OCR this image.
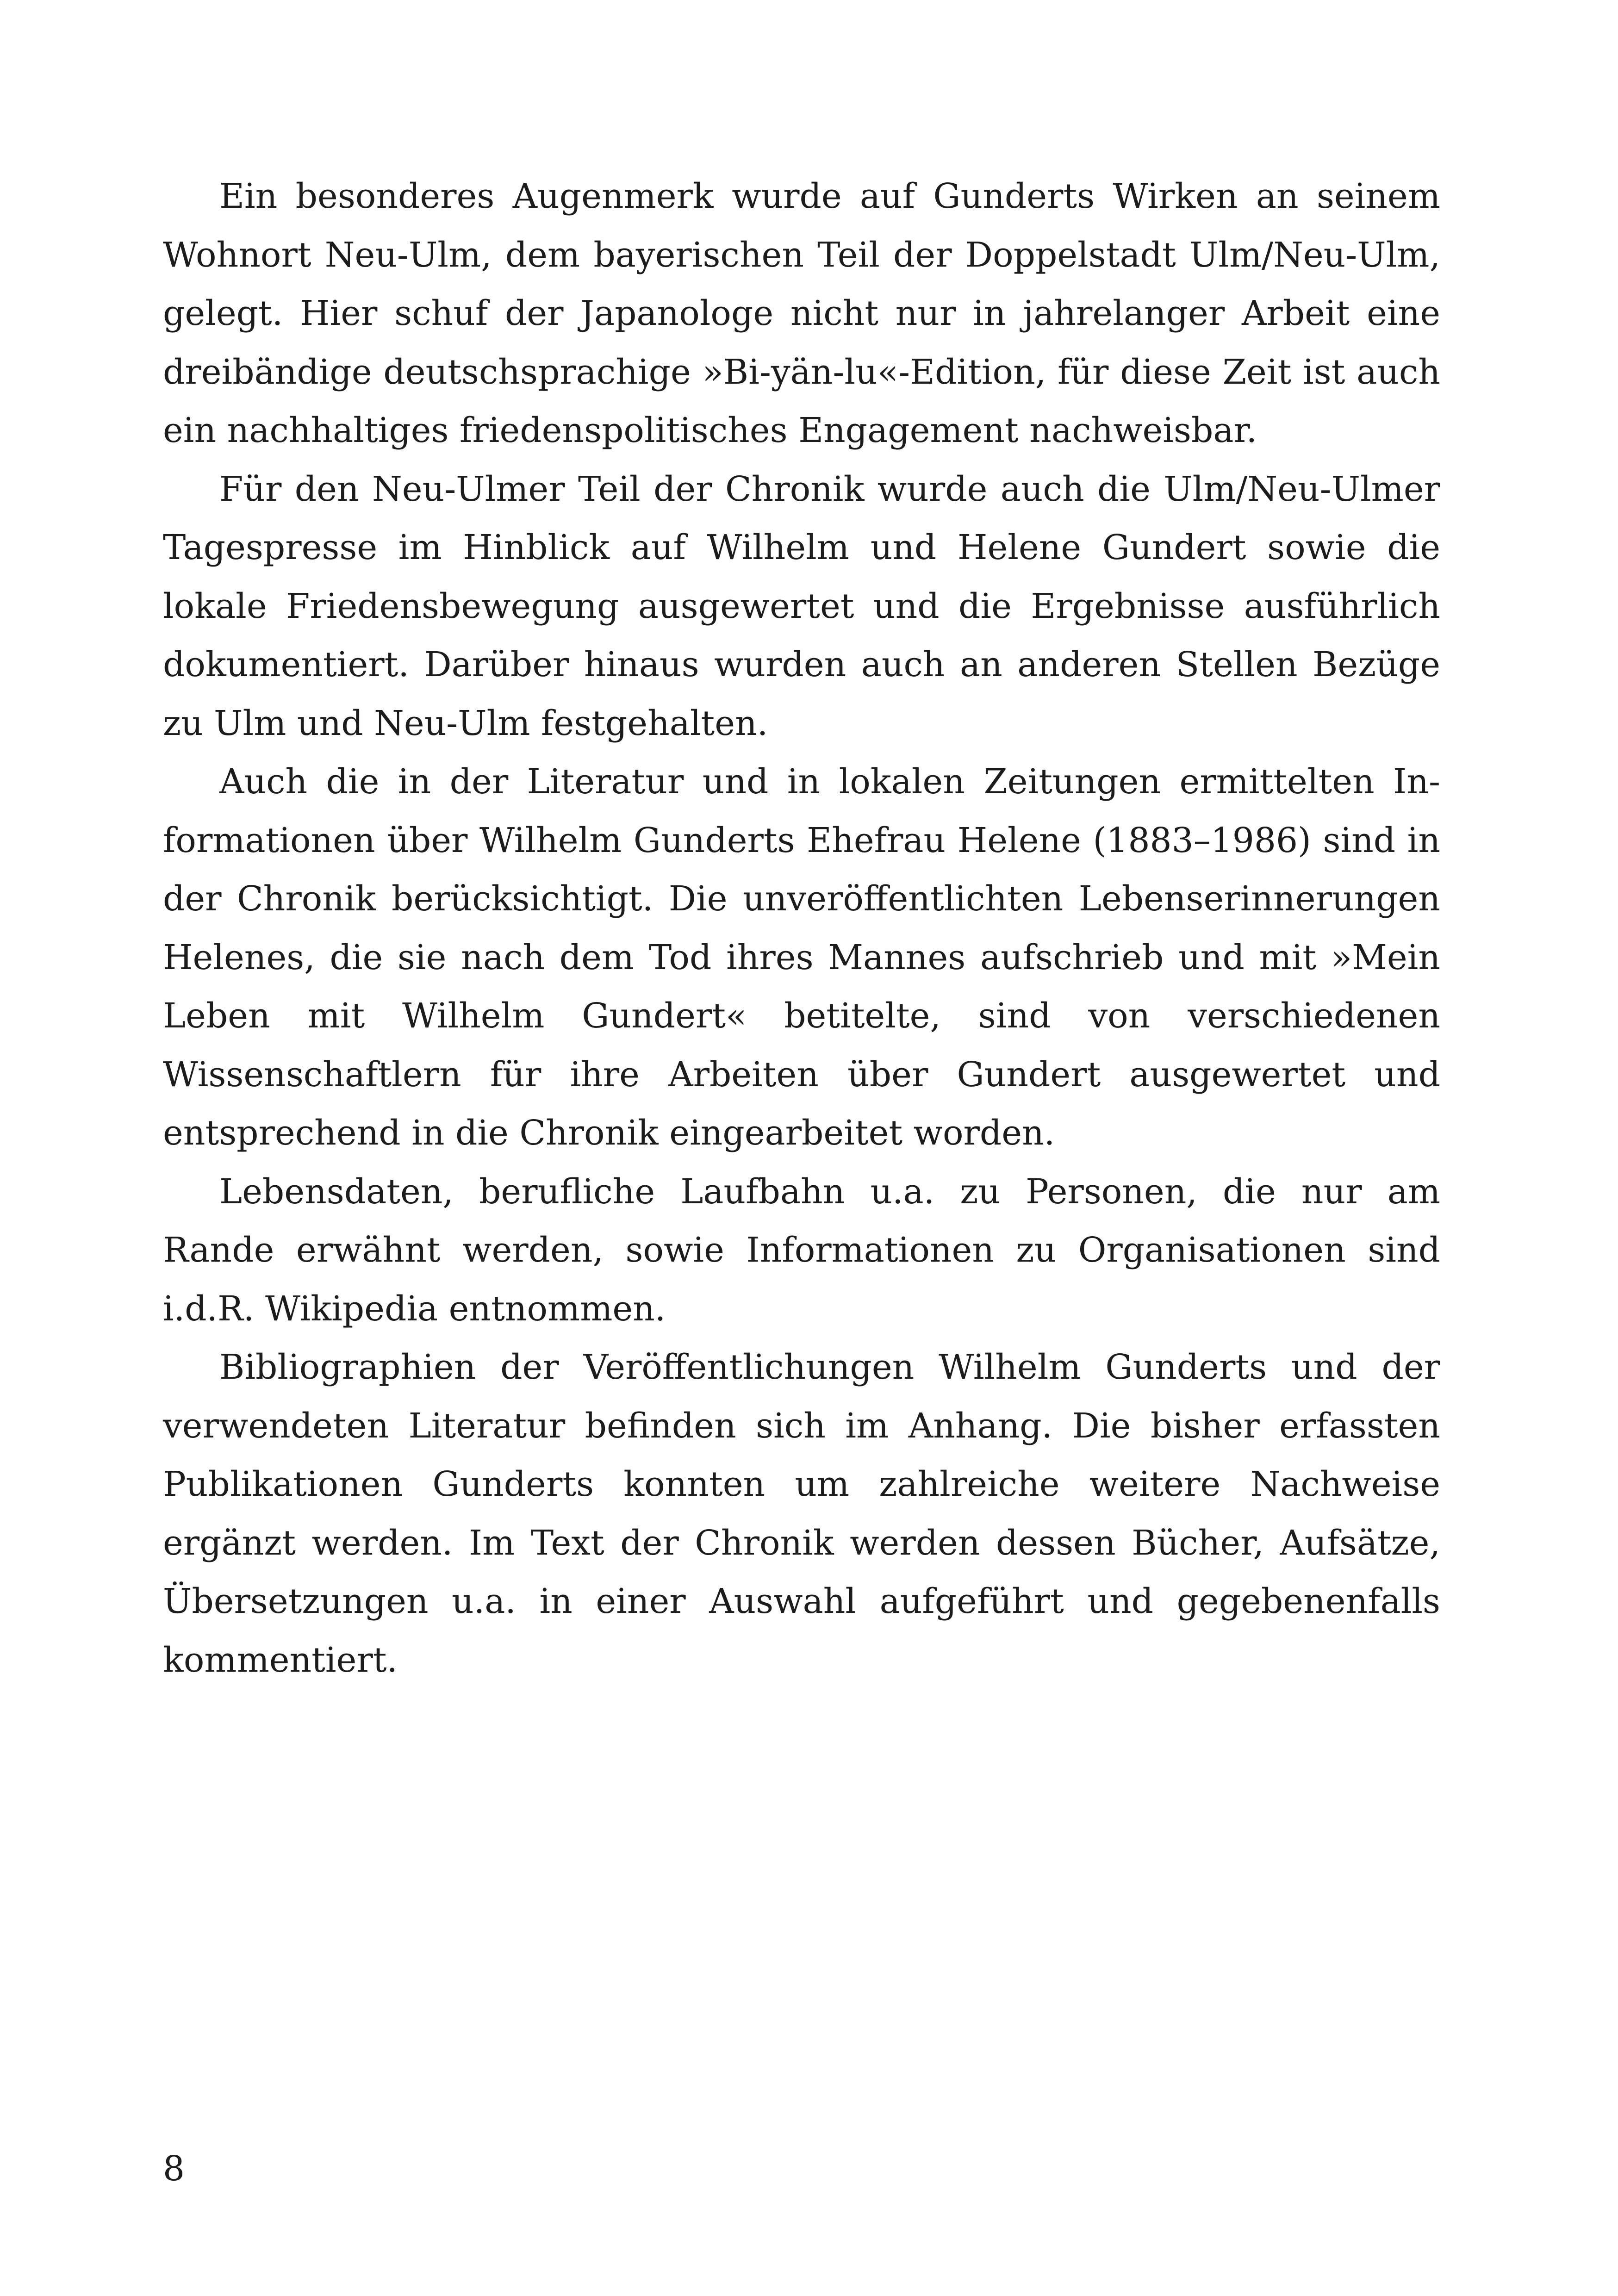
Ein besonderes Augenmerk wurde auf Gunderts Wirken an seinem Wohnort Neu-Ulm, dem bayerischen Teil der Doppelstadt Ulm/Neu-Ulm, gelegt. Hier schuf der Japanologe nicht nur in jahrelanger Arbeit eine dreibändige deutschsprachige »Bi-yän-lu«-Edition, für diese Zeit ist auch ein nachhaltiges friedenspolitisches Engagement nachweisbar.

Für den Neu-Ulmer Teil der Chronik wurde auch die Ulm/Neu-Ulmer Tagespresse im Hinblick auf Wilhelm und Helene Gundert sowie die lokale Friedensbewegung ausgewertet und die Ergebnisse ausführlich dokumentiert. Darüber hinaus wurden auch an anderen Stellen Bezüge zu Ulm und Neu-Ulm festgehalten.

Auch die in der Literatur und in lokalen Zeitungen ermittelten Informationen über Wilhelm Gunderts Ehefrau Helene (1883–1986) sind in der Chronik berücksichtigt. Die unveröffentlichten Lebenserinnerungen Helenes, die sie nach dem Tod ihres Mannes aufschrieb und mit »Mein Leben mit Wilhelm Gundert« betitelte, sind von verschiedenen Wissenschaftlern für ihre Arbeiten über Gundert ausgewertet und entsprechend in die Chronik eingearbeitet worden.

Lebensdaten, berufliche Laufbahn u.a. zu Personen, die nur am Rande erwähnt werden, sowie Informationen zu Organisationen sind i.d.R. Wikipedia entnommen.

Bibliographien der Veröffentlichungen Wilhelm Gunderts und der verwendeten Literatur befinden sich im Anhang. Die bisher erfassten Publikationen Gunderts konnten um zahlreiche weitere Nachweise ergänzt werden. Im Text der Chronik werden dessen Bücher, Aufsätze, Übersetzungen u.a. in einer Auswahl aufgeführt und gegebenenfalls kommentiert.

8
